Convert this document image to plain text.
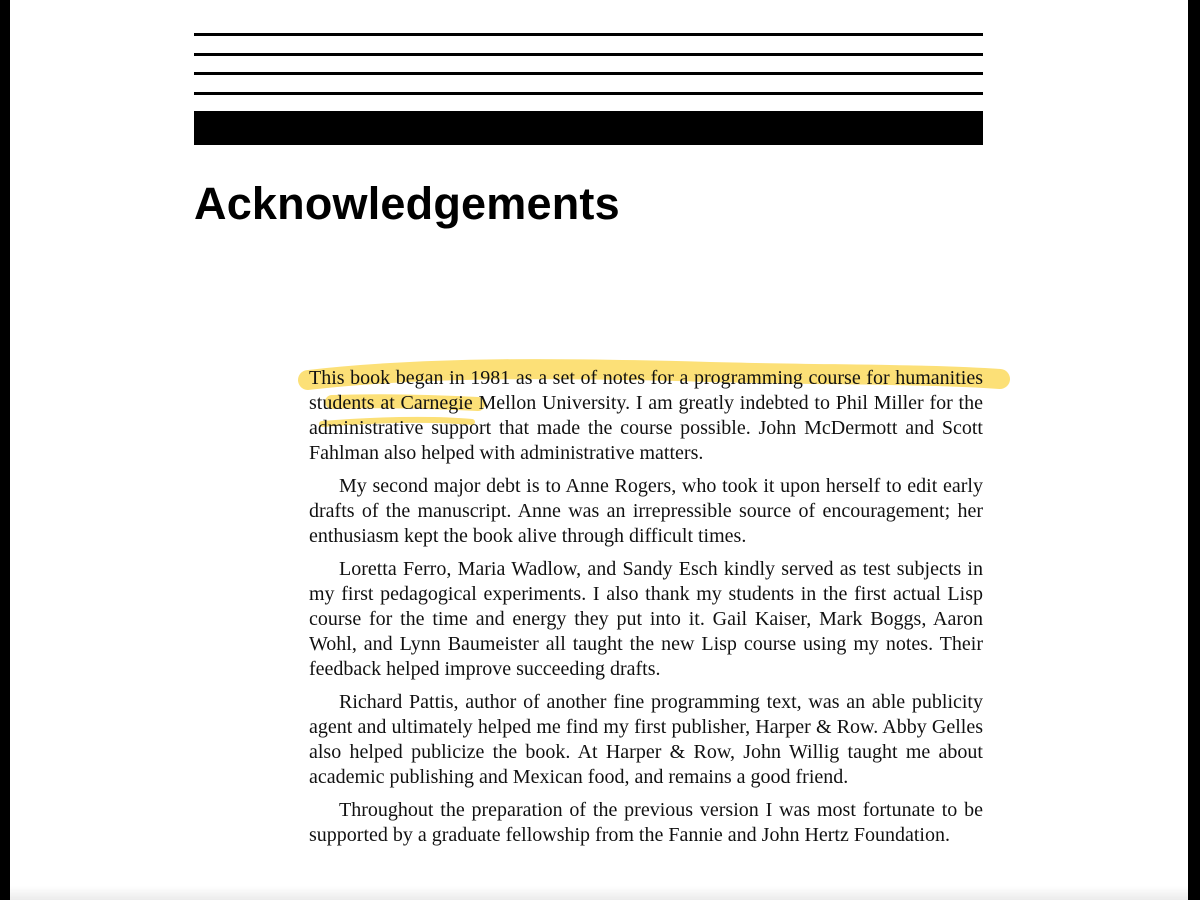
Acknowledgements

This book began in 1981 as a set of notes for a programming course for humanities students at Carnegie Mellon University. I am greatly indebted to Phil Miller for the administrative support that made the course possible. John McDermott and Scott Fahlman also helped with administrative matters.

My second major debt is to Anne Rogers, who took it upon herself to edit early drafts of the manuscript. Anne was an irrepressible source of encouragement; her enthusiasm kept the book alive through difficult times.

Loretta Ferro, Maria Wadlow, and Sandy Esch kindly served as test subjects in my first pedagogical experiments. I also thank my students in the first actual Lisp course for the time and energy they put into it. Gail Kaiser, Mark Boggs, Aaron Wohl, and Lynn Baumeister all taught the new Lisp course using my notes. Their feedback helped improve succeeding drafts.

Richard Pattis, author of another fine programming text, was an able publicity agent and ultimately helped me find my first publisher, Harper & Row. Abby Gelles also helped publicize the book. At Harper & Row, John Willig taught me about academic publishing and Mexican food, and remains a good friend.

Throughout the preparation of the previous version I was most fortunate to be supported by a graduate fellowship from the Fannie and John Hertz Foundation.
